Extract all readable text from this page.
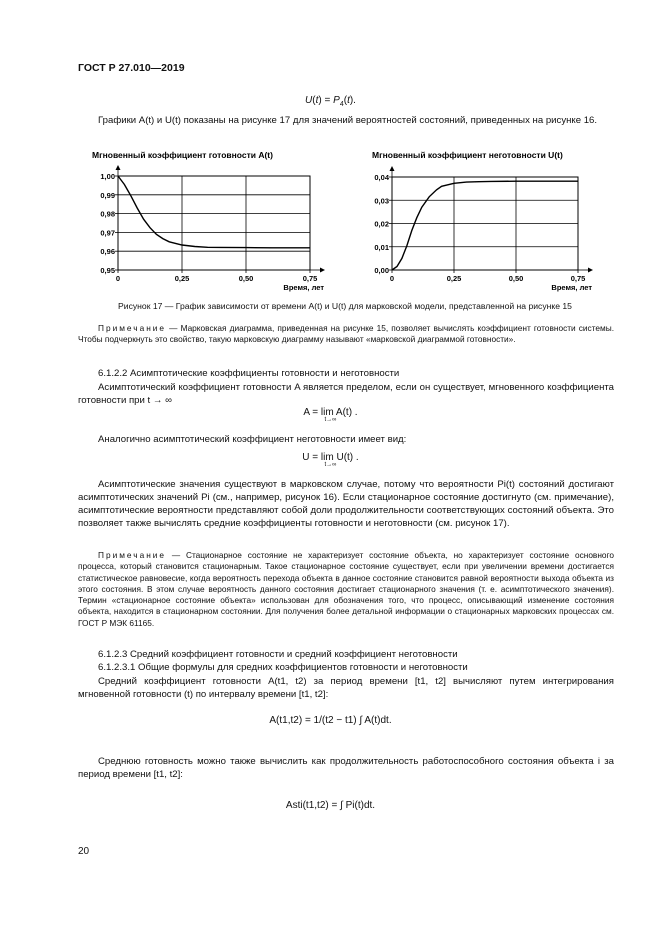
ГОСТ Р 27.010—2019
$U(t) = P_4(t)$.
Графики A(t) и U(t) показаны на рисунке 17 для значений вероятностей состояний, приведенных на рисунке 16.
Мгновенный коэффициент готовности A(t)
0,95
0,96
0,97
0,98
0,99
1,00
0	0,25	0,50	0,75
Время, лет
Мгновенный коэффициент неготовности U(t)
0,00
0,01
0,02
0,03
0,04
0	0,25	0,50	0,75
Время, лет
Рисунок 17 — График зависимости от времени A(t) и U(t) для марковской модели, представленной на рисунке 15
Примечание — Марковская диаграмма, приведенная на рисунке 15, позволяет вычислять коэффициент готовности системы. Чтобы подчеркнуть это свойство, такую марковскую диаграмму называют «марковской диаграммой готовности».
6.1.2.2 Асимптотические коэффициенты готовности и неготовности
Асимптотический коэффициент готовности A является пределом, если он существует, мгновенного коэффициента готовности при t → ∞
A = lim A(t) .
t→∞
Аналогично асимптотический коэффициент неготовности имеет вид:
U = lim U(t) .
t→∞
Асимптотические значения существуют в марковском случае, потому что вероятности Pi(t) состояний достигают асимптотических значений Pi (см., например, рисунок 16). Если стационарное состояние достигнуто (см. примечание), асимптотические вероятности представляют собой доли продолжительности соответствующих состояний объекта. Это позволяет также вычислять средние коэффициенты готовности и неготовности (см. рисунок 17).
Примечание — Стационарное состояние не характеризует состояние объекта, но характеризует состояние основного процесса, который становится стационарным. Такое стационарное состояние существует, если при увеличении времени достигается статистическое равновесие, когда вероятность перехода объекта в данное состояние становится равной вероятности выхода объекта из этого состояния. В этом случае вероятность данного состояния достигает стационарного значения (т. е. асимптотического значения). Термин «стационарное состояние объекта» использован для обозначения того, что процесс, описывающий изменение состояния объекта, находится в стационарном состоянии. Для получения более детальной информации о стационарных марковских процессах см. ГОСТ Р МЭК 61165.
6.1.2.3 Средний коэффициент готовности и средний коэффициент неготовности
6.1.2.3.1 Общие формулы для средних коэффициентов готовности и неготовности
Средний коэффициент готовности A(t1, t2) за период времени [t1, t2] вычисляют путем интегрирования мгновенной готовности (t) по интервалу времени [t1, t2]:
A(t1,t2) = 1/(t2 − t1) ∫ A(t)dt.
Среднюю готовность можно также вычислить как продолжительность работоспособного состояния объекта i за период времени [t1, t2]:
Asti(t1,t2) = ∫ Pi(t)dt.
20
